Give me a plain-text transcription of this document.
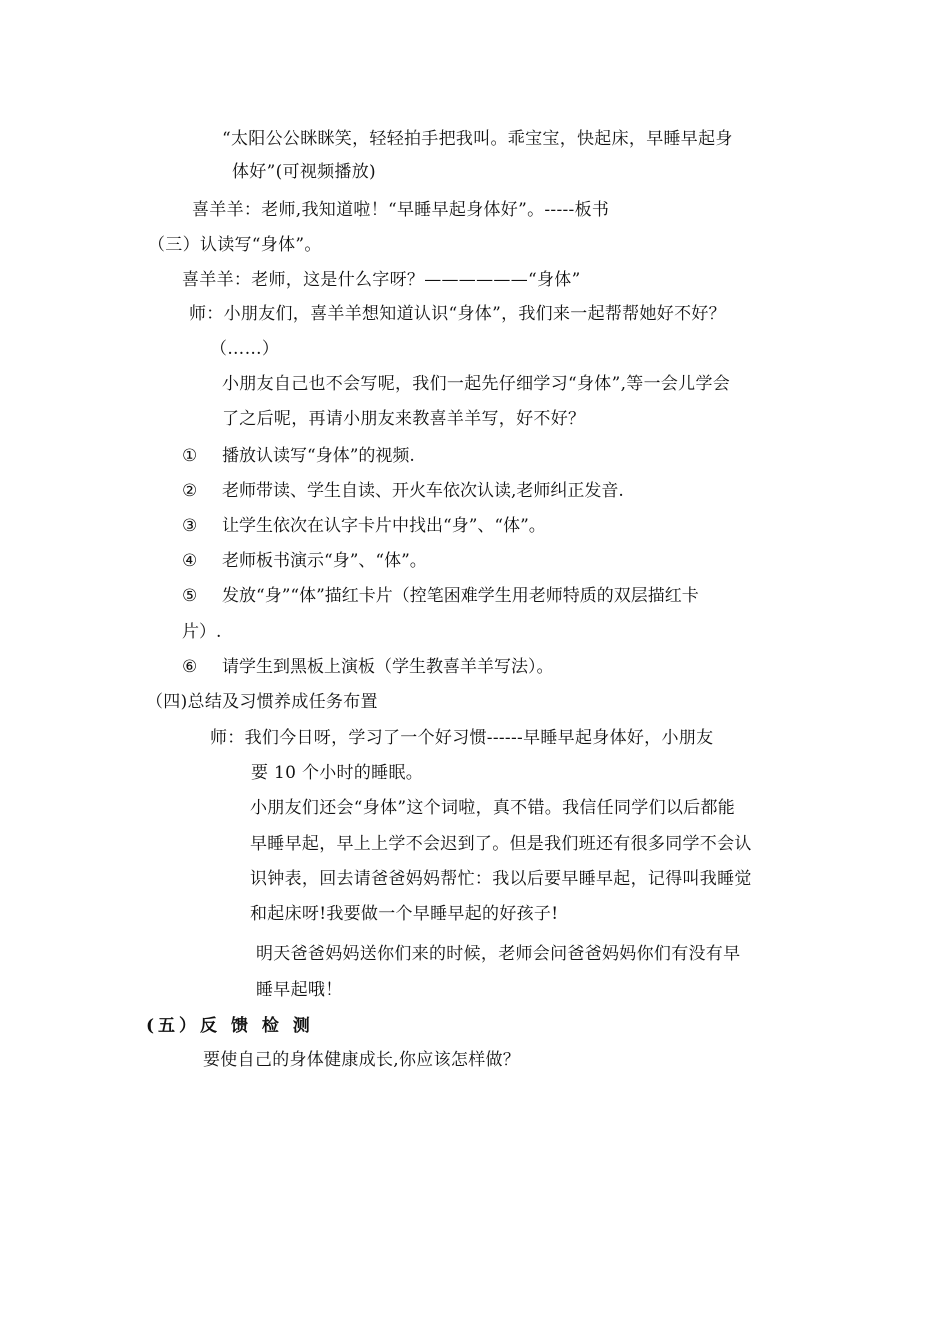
“太阳公公眯眯笑，轻轻拍手把我叫。乖宝宝，快起床，早睡早起身
体好”(可视频播放)
喜羊羊：老师,我知道啦！“早睡早起身体好”。-----板书
（三）认读写“身体”。
喜羊羊：老师，这是什么字呀？——————“身体”
师：小朋友们，喜羊羊想知道认识“身体”，我们来一起帮帮她好不好？
（……）
小朋友自己也不会写呢，我们一起先仔细学习“身体”,等一会儿学会
了之后呢，再请小朋友来教喜羊羊写，好不好？
① 播放认读写“身体”的视频.
② 老师带读、学生自读、开火车依次认读,老师纠正发音.
③ 让学生依次在认字卡片中找出“身”、“体”。
④ 老师板书演示“身”、“体”。
⑤ 发放“身”“体”描红卡片（控笔困难学生用老师特质的双层描红卡
片）.
⑥ 请学生到黑板上演板（学生教喜羊羊写法）。
（四)总结及习惯养成任务布置
师：我们今日呀，学习了一个好习惯------早睡早起身体好，小朋友
要 10 个小时的睡眠。
小朋友们还会“身体”这个词啦，真不错。我信任同学们以后都能
早睡早起，早上上学不会迟到了。但是我们班还有很多同学不会认
识钟表，回去请爸爸妈妈帮忙：我以后要早睡早起，记得叫我睡觉
和起床呀!我要做一个早睡早起的好孩子!
明天爸爸妈妈送你们来的时候，老师会问爸爸妈妈你们有没有早
睡早起哦！
(五）反 馈 检 测
要使自己的身体健康成长,你应该怎样做？
